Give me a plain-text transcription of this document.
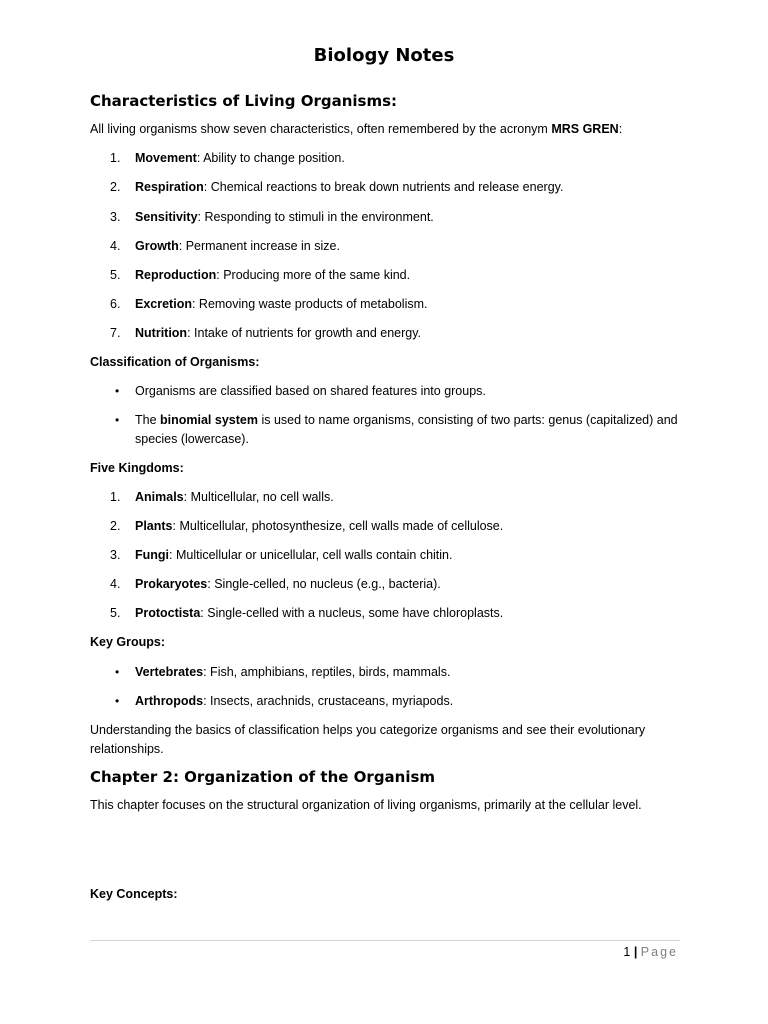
Biology Notes
Characteristics of Living Organisms:

All living organisms show seven characteristics, often remembered by the acronym MRS GREN:

1.	Movement: Ability to change position.
2.	Respiration: Chemical reactions to break down nutrients and release energy.
3.	Sensitivity: Responding to stimuli in the environment.
4.	Growth: Permanent increase in size.
5.	Reproduction: Producing more of the same kind.
6.	Excretion: Removing waste products of metabolism.
7.	Nutrition: Intake of nutrients for growth and energy.

Classification of Organisms:

• Organisms are classified based on shared features into groups.
• The binomial system is used to name organisms, consisting of two parts: genus (capitalized) and species (lowercase).

Five Kingdoms:

1.	Animals: Multicellular, no cell walls.
2.	Plants: Multicellular, photosynthesize, cell walls made of cellulose.
3.	Fungi: Multicellular or unicellular, cell walls contain chitin.
4.	Prokaryotes: Single-celled, no nucleus (e.g., bacteria).
5.	Protoctista: Single-celled with a nucleus, some have chloroplasts.

Key Groups:

• Vertebrates: Fish, amphibians, reptiles, birds, mammals.
• Arthropods: Insects, arachnids, crustaceans, myriapods.

Understanding the basics of classification helps you categorize organisms and see their evolutionary relationships.

Chapter 2: Organization of the Organism

This chapter focuses on the structural organization of living organisms, primarily at the cellular level.

Key Concepts:

1 | Page
